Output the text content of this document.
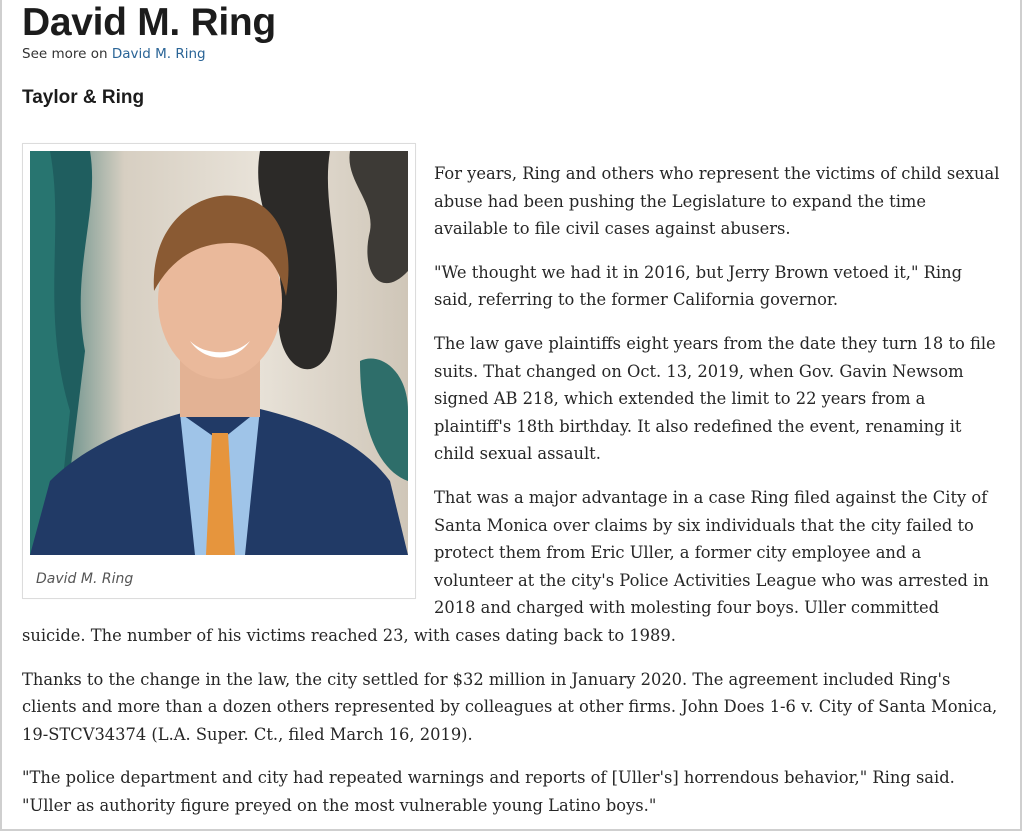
David M. Ring
See more on David M. Ring
Taylor & Ring
David M. Ring

For years, Ring and others who represent the victims of child sexual abuse had been pushing the Legislature to expand the time available to file civil cases against abusers.

"We thought we had it in 2016, but Jerry Brown vetoed it," Ring said, referring to the former California governor.

The law gave plaintiffs eight years from the date they turn 18 to file suits. That changed on Oct. 13, 2019, when Gov. Gavin Newsom signed AB 218, which extended the limit to 22 years from a plaintiff's 18th birthday. It also redefined the event, renaming it child sexual assault.

That was a major advantage in a case Ring filed against the City of Santa Monica over claims by six individuals that the city failed to protect them from Eric Uller, a former city employee and a volunteer at the city's Police Activities League who was arrested in 2018 and charged with molesting four boys. Uller committed suicide. The number of his victims reached 23, with cases dating back to 1989.

Thanks to the change in the law, the city settled for $32 million in January 2020. The agreement included Ring's clients and more than a dozen others represented by colleagues at other firms. John Does 1-6 v. City of Santa Monica, 19-STCV34374 (L.A. Super. Ct., filed March 16, 2019).

"The police department and city had repeated warnings and reports of [Uller's] horrendous behavior," Ring said. "Uller as authority figure preyed on the most vulnerable young Latino boys."
